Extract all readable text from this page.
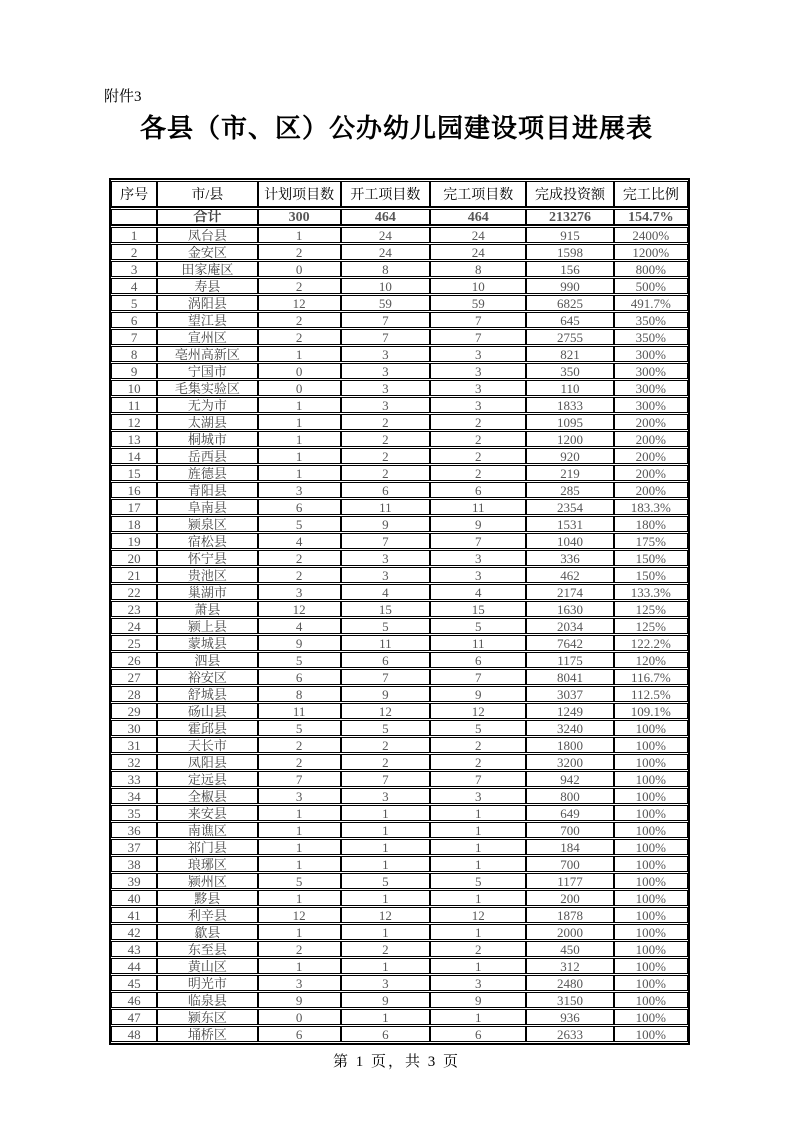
附件3
各县（市、区）公办幼儿园建设项目进展表
序号	市/县	计划项目数	开工项目数	完工项目数	完成投资额	完工比例
	合计	300	464	464	213276	154.7%
1	凤台县	1	24	24	915	2400%
2	金安区	2	24	24	1598	1200%
3	田家庵区	0	8	8	156	800%
4	寿县	2	10	10	990	500%
5	涡阳县	12	59	59	6825	491.7%
6	望江县	2	7	7	645	350%
7	宣州区	2	7	7	2755	350%
8	亳州高新区	1	3	3	821	300%
9	宁国市	0	3	3	350	300%
10	毛集实验区	0	3	3	110	300%
11	无为市	1	3	3	1833	300%
12	太湖县	1	2	2	1095	200%
13	桐城市	1	2	2	1200	200%
14	岳西县	1	2	2	920	200%
15	旌德县	1	2	2	219	200%
16	青阳县	3	6	6	285	200%
17	阜南县	6	11	11	2354	183.3%
18	颍泉区	5	9	9	1531	180%
19	宿松县	4	7	7	1040	175%
20	怀宁县	2	3	3	336	150%
21	贵池区	2	3	3	462	150%
22	巢湖市	3	4	4	2174	133.3%
23	萧县	12	15	15	1630	125%
24	颍上县	4	5	5	2034	125%
25	蒙城县	9	11	11	7642	122.2%
26	泗县	5	6	6	1175	120%
27	裕安区	6	7	7	8041	116.7%
28	舒城县	8	9	9	3037	112.5%
29	砀山县	11	12	12	1249	109.1%
30	霍邱县	5	5	5	3240	100%
31	天长市	2	2	2	1800	100%
32	凤阳县	2	2	2	3200	100%
33	定远县	7	7	7	942	100%
34	全椒县	3	3	3	800	100%
35	来安县	1	1	1	649	100%
36	南谯区	1	1	1	700	100%
37	祁门县	1	1	1	184	100%
38	琅琊区	1	1	1	700	100%
39	颍州区	5	5	5	1177	100%
40	黟县	1	1	1	200	100%
41	利辛县	12	12	12	1878	100%
42	歙县	1	1	1	2000	100%
43	东至县	2	2	2	450	100%
44	黄山区	1	1	1	312	100%
45	明光市	3	3	3	2480	100%
46	临泉县	9	9	9	3150	100%
47	颍东区	0	1	1	936	100%
48	埇桥区	6	6	6	2633	100%
第 1 页，共 3 页
